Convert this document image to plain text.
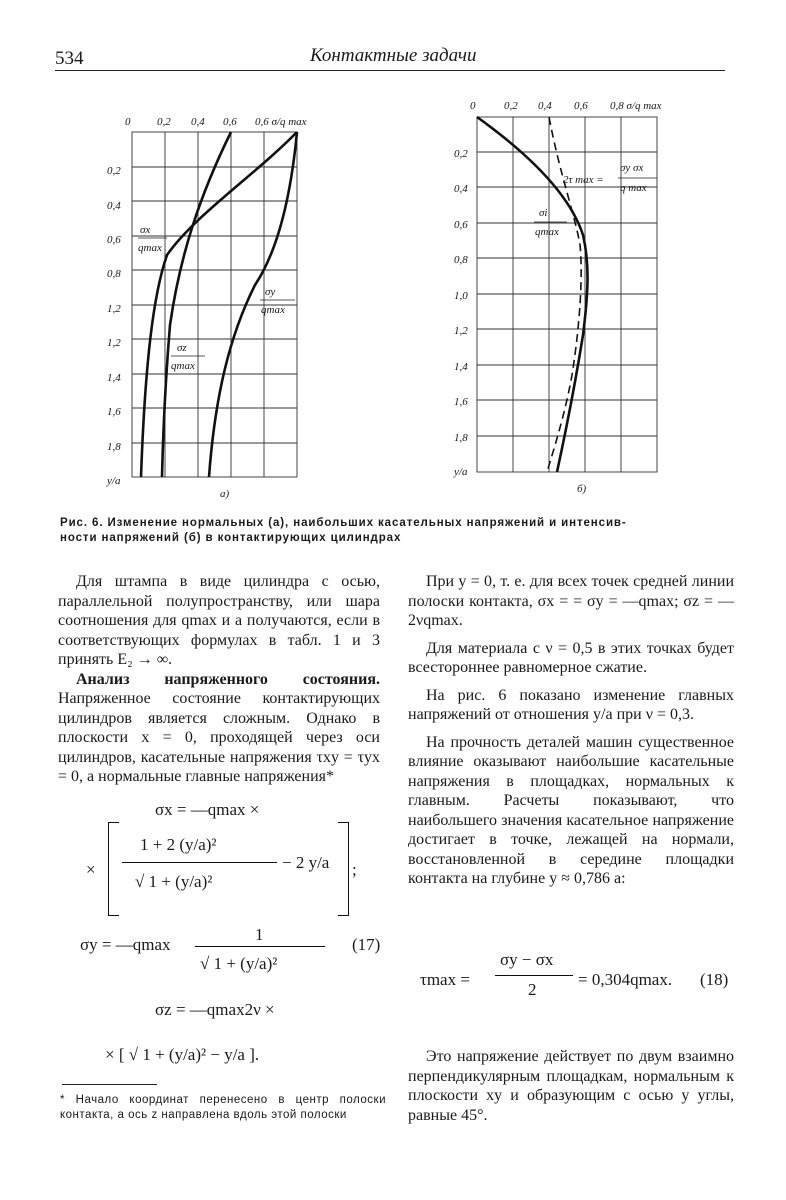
534	Контактные задачи
0 0,2 0,4 0,6 0,6 σ/q max
0,2
0,4
0,6
0,8
1,2
1,2
1,4
1,6
1,8
y/a
σx
qmax
σy
qmax
σz
qmax
а)
0	0,2 0,4 0,6 0,8 σ/q max
0,2
0,4
0,6
0,8
1,0
1,2
1,4
1,6
1,8
y/a
2τ max =
σy σx
q max
σi
qmax
б)
Рис. 6. Изменение нормальных (а), наибольших касательных напряжений и интенсив-
ности напряжений (б) в контактирующих цилиндрах

Для штампа в виде цилиндра с осью, параллельной полупространству, или шара соотношения для qmax и a получаются, если в соответствующих формулах в табл. 1 и 3 принять E₂ → ∞.

Анализ напряженного состояния. Напряженное состояние контактирующих цилиндров является сложным. Однако в плоскости x = 0, проходящей через оси цилиндров, касательные напряжения τxy = τyx = 0, а нормальные главные напряжения*

σx = —qmax ×
×
1 + 2 (y/a)²
√ 1 + (y/a)²
− 2 y/a ;
σy = —qmax
1
√ 1 + (y/a)²
(17)
σz = —qmax2ν ×
× [ √ 1 + (y/a)² − y/a ].
* Начало координат перенесено в центр полоски контакта, а ось z направлена вдоль этой полоски

При y = 0, т. е. для всех точек средней линии полоски контакта, σx = = σy = —qmax; σz = —2νqmax.

Для материала с ν = 0,5 в этих точках будет всестороннее равномерное сжатие.

На рис. 6 показано изменение главных напряжений от отношения y/a при ν = 0,3.

На прочность деталей машин существенное влияние оказывают наибольшие касательные напряжения в площадках, нормальных к главным. Расчеты показывают, что наибольшего значения касательное напряжение достигает в точке, лежащей на нормали, восстановленной в середине площадки контакта на глубине y ≈ 0,786 a:

τmax =
σy − σx
2
= 0,304qmax. (18)

Это напряжение действует по двум взаимно перпендикулярным площадкам, нормальным к плоскости xy и образующим с осью y углы, равные 45°.
